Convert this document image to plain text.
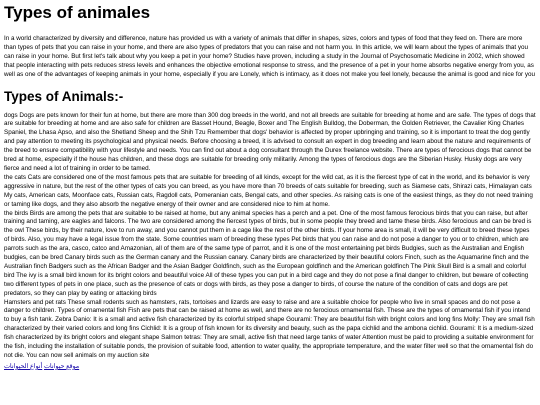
Types of animales

In a world characterized by diversity and difference, nature has provided us with a variety of animals that differ in shapes, sizes, colors and types of food that they feed on. There are more than types of pets that you can raise in your home, and there are also types of predators that you can raise and not harm you. In this article, we will learn about the types of animals that you can raise in your home. But first let's talk about why you keep a pet in your home? Studies have proven, including a study in the Journal of Psychosomatic Medicine in 2002, which showed that people interacting with pets reduces stress levels and enhances the objective emotional response to stress, and the presence of a pet in your home absorbs negative energy from you, as well as one of the advantages of keeping animals in your home, especially if you are Lonely, which is intimacy, as it does not make you feel lonely, because the animal is good and nice for you

Types of Animals:-

dogs Dogs are pets known for their fun at home, but there are more than 300 dog breeds in the world, and not all breeds are suitable for breeding at home and are safe. The types of dogs that are suitable for breeding at home and are also safe for children are Basset Hound, Beagle, Boxer and The English Bulldog, the Doberman, the Golden Retriever, the Cavalier King Charles Spaniel, the Lhasa Apso, and also the Shetland Sheep and the Shih Tzu Remember that dogs' behavior is affected by proper upbringing and training, so it is important to treat the dog gently and pay attention to meeting its psychological and physical needs. Before choosing a breed, it is advised to consult an expert in dog breeding and learn about the nature and requirements of the breed to ensure compatibility with your lifestyle and needs. You can find out about a dog consultant through the Durex freelance website. There are types of ferocious dogs that cannot be bred at home, especially if the house has children, and these dogs are suitable for breeding only militarily. Among the types of ferocious dogs are the Siberian Husky. Husky dogs are very fierce and need a lot of training in order to be tamed.

the cats Cats are considered one of the most famous pets that are suitable for breeding of all kinds, except for the wild cat, as it is the fiercest type of cat in the world, and its behavior is very aggressive in nature, but the rest of the other types of cats you can breed, as you have more than 70 breeds of cats suitable for breeding, such as Siamese cats, Shirazi cats, Himalayan cats My cats, American cats, Moonface cats, Russian cats, Ragdoll cats, Pomeranian cats, Bengal cats, and other species. As raising cats is one of the easiest things, as they do not need training or taming like dogs, and they also absorb the negative energy of their owner and are considered nice to him at home.

the birds Birds are among the pets that are suitable to be raised at home, but any animal species has a perch and a pet. One of the most famous ferocious birds that you can raise, but after training and taming, are eagles and falcons. The two are considered among the fiercest types of birds, but in some people they breed and tame these birds. Also ferocious and can be bred is the owl These birds, by their nature, love to run away, and you cannot put them in a cage like the rest of the other birds. If your home area is small, it will be very difficult to breed these types of birds. Also, you may have a legal issue from the state. Some countries warn of breeding these types Pet birds that you can raise and do not pose a danger to you or to children, which are parrots such as the ara, casco, catco and Amazonian, all of them are of the same type of parrot, and it is one of the most entertaining pet birds Budgies, such as the Australian and English budgies, can be bred Canary birds such as the German canary and the Russian canary. Canary birds are characterized by their beautiful colors Finch, such as the Aquamarine finch and the Australian finch Badgers such as the African Badger and the Asian Badger Goldfinch, such as the European goldfinch and the American goldfinch The Pink Skull Bird is a small and colorful bird The ivy is a small bird known for its bright colors and beautiful voice All of these types you can put in a bird cage and they do not pose a final danger to children, but beware of collecting two different types of pets in one place, such as the presence of cats or dogs with birds, as they pose a danger to birds, of course the nature of the condition of cats and dogs are pet predators, so they can play by eating or attacking birds

Hamsters and pet rats These small rodents such as hamsters, rats, tortoises and lizards are easy to raise and are a suitable choice for people who live in small spaces and do not pose a danger to children. Types of ornamental fish Fish are pets that can be raised at home as well, and there are no ferocious ornamental fish. These are the types of ornamental fish if you intend to buy a fish tank. Zebra Danio: It is a small and active fish characterized by its colorful striped shape Gourami: They are beautiful fish with bright colors and long fins Molly: They are small fish characterized by their varied colors and long fins Cichlid: It is a group of fish known for its diversity and beauty, such as the papa cichlid and the ambona cichlid. Gourami: It is a medium-sized fish characterized by its bright colors and elegant shape Salmon tetras: They are small, active fish that need large tanks of water Attention must be paid to providing a suitable environment for the fish, including the installation of suitable ponds, the provision of suitable food, attention to water quality, the appropriate temperature, and the water filter well so that the ornamental fish do not die. You can now sell animals on my auction site

موقع حيوانات أنواع الحيوانات
